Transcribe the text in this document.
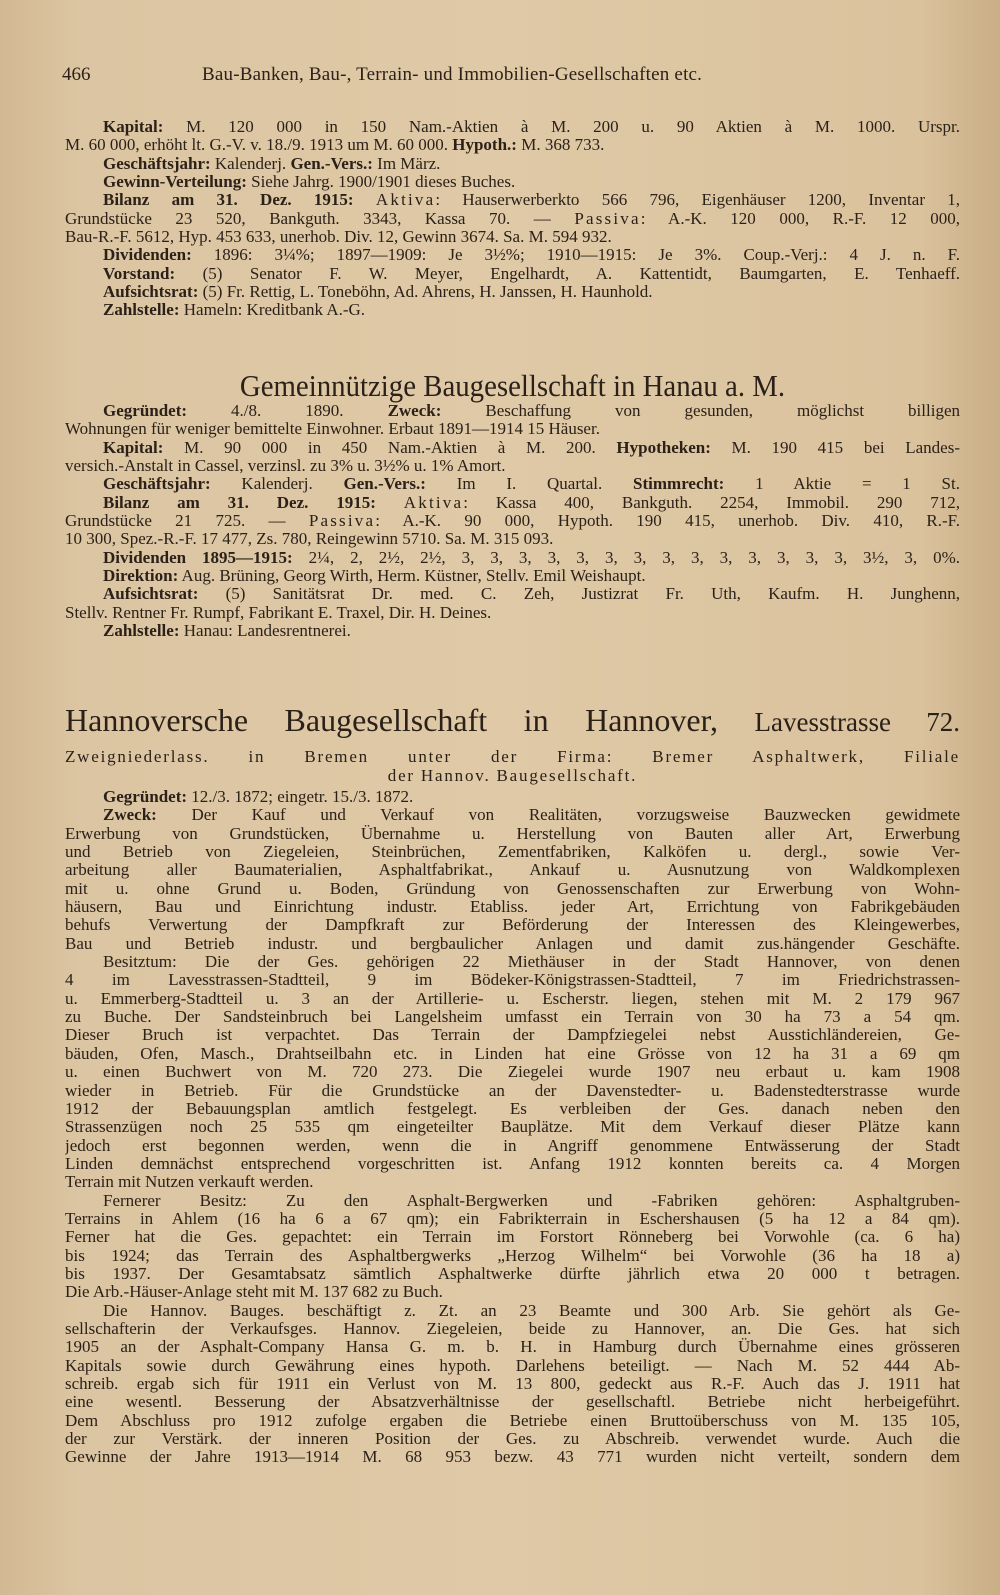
466	Bau-Banken, Bau-, Terrain- und Immobilien-Gesellschaften etc.
Kapital: M. 120 000 in 150 Nam.-Aktien à M. 200 u. 90 Aktien à M. 1000. Urspr.
M. 60 000, erhöht lt. G.-V. v. 18./9. 1913 um M. 60 000. Hypoth.: M. 368 733.
Geschäftsjahr: Kalenderj. Gen.-Vers.: Im März.
Gewinn-Verteilung: Siehe Jahrg. 1900/1901 dieses Buches.
Bilanz am 31. Dez. 1915: Aktiva: Hauserwerberkto 566 796, Eigenhäuser 1200, Inventar 1,
Grundstücke 23 520, Bankguth. 3343, Kassa 70. — Passiva: A.-K. 120 000, R.-F. 12 000,
Bau-R.-F. 5612, Hyp. 453 633, unerhob. Div. 12, Gewinn 3674. Sa. M. 594 932.
Dividenden: 1896: 3¼%; 1897—1909: Je 3½%; 1910—1915: Je 3%. Coup.-Verj.: 4 J. n. F.
Vorstand: (5) Senator F. W. Meyer, Engelhardt, A. Kattentidt, Baumgarten, E. Tenhaeff.
Aufsichtsrat: (5) Fr. Rettig, L. Toneböhn, Ad. Ahrens, H. Janssen, H. Haunhold.
Zahlstelle: Hameln: Kreditbank A.-G.
Gemeinnützige Baugesellschaft in Hanau a. M.
Gegründet: 4./8. 1890. Zweck: Beschaffung von gesunden, möglichst billigen
Wohnungen für weniger bemittelte Einwohner. Erbaut 1891—1914 15 Häuser.
Kapital: M. 90 000 in 450 Nam.-Aktien à M. 200. Hypotheken: M. 190 415 bei Landes-
versich.-Anstalt in Cassel, verzinsl. zu 3% u. 3½% u. 1% Amort.
Geschäftsjahr: Kalenderj. Gen.-Vers.: Im I. Quartal. Stimmrecht: 1 Aktie = 1 St.
Bilanz am 31. Dez. 1915: Aktiva: Kassa 400, Bankguth. 2254, Immobil. 290 712,
Grundstücke 21 725. — Passiva: A.-K. 90 000, Hypoth. 190 415, unerhob. Div. 410, R.-F.
10 300, Spez.-R.-F. 17 477, Zs. 780, Reingewinn 5710. Sa. M. 315 093.
Dividenden 1895—1915: 2¼, 2, 2½, 2½, 3, 3, 3, 3, 3, 3, 3, 3, 3, 3, 3, 3, 3, 3, 3½, 3, 0%.
Direktion: Aug. Brüning, Georg Wirth, Herm. Küstner, Stellv. Emil Weishaupt.
Aufsichtsrat: (5) Sanitätsrat Dr. med. C. Zeh, Justizrat Fr. Uth, Kaufm. H. Junghenn,
Stellv. Rentner Fr. Rumpf, Fabrikant E. Traxel, Dir. H. Deines.
Zahlstelle: Hanau: Landesrentnerei.
Hannoversche Baugesellschaft in Hannover, Lavesstrasse 72.
Zweigniederlass. in Bremen unter der Firma: Bremer Asphaltwerk, Filiale
der Hannov. Baugesellschaft.
Gegründet: 12./3. 1872; eingetr. 15./3. 1872.
Zweck: Der Kauf und Verkauf von Realitäten, vorzugsweise Bauzwecken gewidmete
Erwerbung von Grundstücken, Übernahme u. Herstellung von Bauten aller Art, Erwerbung
und Betrieb von Ziegeleien, Steinbrüchen, Zementfabriken, Kalköfen u. dergl., sowie Ver-
arbeitung aller Baumaterialien, Asphaltfabrikat., Ankauf u. Ausnutzung von Waldkomplexen
mit u. ohne Grund u. Boden, Gründung von Genossenschaften zur Erwerbung von Wohn-
häusern, Bau und Einrichtung industr. Etabliss. jeder Art, Errichtung von Fabrikgebäuden
behufs Verwertung der Dampfkraft zur Beförderung der Interessen des Kleingewerbes,
Bau und Betrieb industr. und bergbaulicher Anlagen und damit zus.hängender Geschäfte.
Besitztum: Die der Ges. gehörigen 22 Miethäuser in der Stadt Hannover, von denen
4 im Lavesstrassen-Stadtteil, 9 im Bödeker-Königstrassen-Stadtteil, 7 im Friedrichstrassen-
u. Emmerberg-Stadtteil u. 3 an der Artillerie- u. Escherstr. liegen, stehen mit M. 2 179 967
zu Buche. Der Sandsteinbruch bei Langelsheim umfasst ein Terrain von 30 ha 73 a 54 qm.
Dieser Bruch ist verpachtet. Das Terrain der Dampfziegelei nebst Ausstichländereien, Ge-
bäuden, Ofen, Masch., Drahtseilbahn etc. in Linden hat eine Grösse von 12 ha 31 a 69 qm
u. einen Buchwert von M. 720 273. Die Ziegelei wurde 1907 neu erbaut u. kam 1908
wieder in Betrieb. Für die Grundstücke an der Davenstedter- u. Badenstedterstrasse wurde
1912 der Bebauungsplan amtlich festgelegt. Es verbleiben der Ges. danach neben den
Strassenzügen noch 25 535 qm eingeteilter Bauplätze. Mit dem Verkauf dieser Plätze kann
jedoch erst begonnen werden, wenn die in Angriff genommene Entwässerung der Stadt
Linden demnächst entsprechend vorgeschritten ist. Anfang 1912 konnten bereits ca. 4 Morgen
Terrain mit Nutzen verkauft werden.
Fernerer Besitz: Zu den Asphalt-Bergwerken und -Fabriken gehören: Asphaltgruben-
Terrains in Ahlem (16 ha 6 a 67 qm); ein Fabrikterrain in Eschershausen (5 ha 12 a 84 qm).
Ferner hat die Ges. gepachtet: ein Terrain im Forstort Rönneberg bei Vorwohle (ca. 6 ha)
bis 1924; das Terrain des Asphaltbergwerks „Herzog Wilhelm“ bei Vorwohle (36 ha 18 a)
bis 1937. Der Gesamtabsatz sämtlich Asphaltwerke dürfte jährlich etwa 20 000 t betragen.
Die Arb.-Häuser-Anlage steht mit M. 137 682 zu Buch.
Die Hannov. Bauges. beschäftigt z. Zt. an 23 Beamte und 300 Arb. Sie gehört als Ge-
sellschafterin der Verkaufsges. Hannov. Ziegeleien, beide zu Hannover, an. Die Ges. hat sich
1905 an der Asphalt-Company Hansa G. m. b. H. in Hamburg durch Übernahme eines grösseren
Kapitals sowie durch Gewährung eines hypoth. Darlehens beteiligt. — Nach M. 52 444 Ab-
schreib. ergab sich für 1911 ein Verlust von M. 13 800, gedeckt aus R.-F. Auch das J. 1911 hat
eine wesentl. Besserung der Absatzverhältnisse der gesellschaftl. Betriebe nicht herbeigeführt.
Dem Abschluss pro 1912 zufolge ergaben die Betriebe einen Bruttoüberschuss von M. 135 105,
der zur Verstärk. der inneren Position der Ges. zu Abschreib. verwendet wurde. Auch die
Gewinne der Jahre 1913—1914 M. 68 953 bezw. 43 771 wurden nicht verteilt, sondern dem
